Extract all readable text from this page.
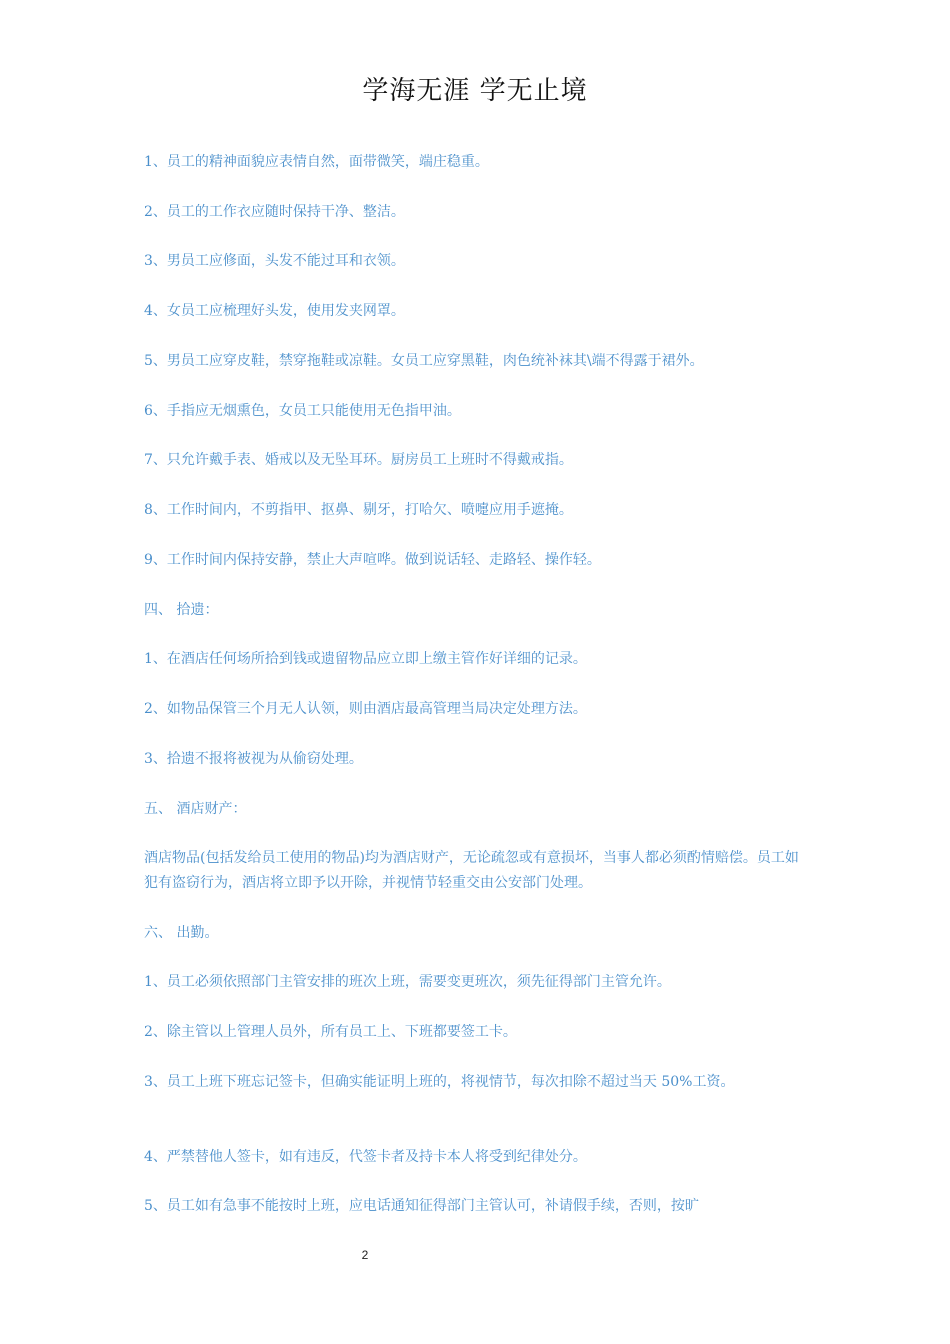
学海无涯 学无止境
1、员工的精神面貌应表情自然，面带微笑，端庄稳重。
2、员工的工作衣应随时保持干净、整洁。
3、男员工应修面，头发不能过耳和衣领。
4、女员工应梳理好头发，使用发夹网罩。
5、男员工应穿皮鞋，禁穿拖鞋或凉鞋。女员工应穿黑鞋，肉色统补袜其\端不得露于裙外。
6、手指应无烟熏色，女员工只能使用无色指甲油。
7、只允许戴手表、婚戒以及无坠耳环。厨房员工上班时不得戴戒指。
8、工作时间内，不剪指甲、抠鼻、剔牙，打哈欠、喷嚏应用手遮掩。
9、工作时间内保持安静，禁止大声喧哗。做到说话轻、走路轻、操作轻。
四、 拾遗：
1、在酒店任何场所拾到钱或遗留物品应立即上缴主管作好详细的记录。
2、如物品保管三个月无人认领，则由酒店最高管理当局决定处理方法。
3、拾遗不报将被视为从偷窃处理。
五、 酒店财产：
酒店物品(包括发给员工使用的物品)均为酒店财产，无论疏忽或有意损坏，当事人都必须酌情赔偿。员工如犯有盗窃行为，酒店将立即予以开除，并视情节轻重交由公安部门处理。
六、 出勤。
1、员工必须依照部门主管安排的班次上班，需要变更班次，须先征得部门主管允许。
2、除主管以上管理人员外，所有员工上、下班都要签工卡。
3、员工上班下班忘记签卡，但确实能证明上班的，将视情节，每次扣除不超过当天 50%工资。
4、严禁替他人签卡，如有违反，代签卡者及持卡本人将受到纪律处分。
5、员工如有急事不能按时上班，应电话通知征得部门主管认可，补请假手续，否则，按旷
2
